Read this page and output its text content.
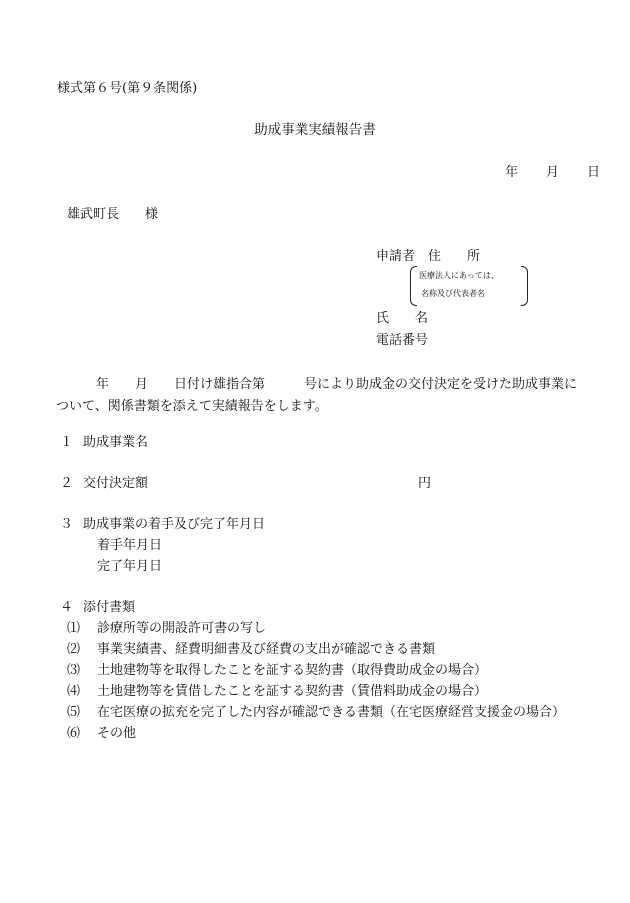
様式第６号(第９条関係)
助成事業実績報告書
年 月 日
雄武町長　　様
申請者　住　　所
医療法人にあっては、
名称及び代表者名
氏　　名
電話番号
年　　月　　日付け雄指合第　　　号により助成金の交付決定を受けた助成事業に
ついて、関係書類を添えて実績報告をします。
１ 助成事業名
２ 交付決定額	円
３ 助成事業の着手及び完了年月日
着手年月日
完了年月日
４ 添付書類
⑴ 診療所等の開設許可書の写し
⑵ 事業実績書、経費明細書及び経費の支出が確認できる書類
⑶ 土地建物等を取得したことを証する契約書（取得費助成金の場合）
⑷ 土地建物等を賃借したことを証する契約書（賃借料助成金の場合）
⑸ 在宅医療の拡充を完了した内容が確認できる書類（在宅医療経営支援金の場合）
⑹ その他
